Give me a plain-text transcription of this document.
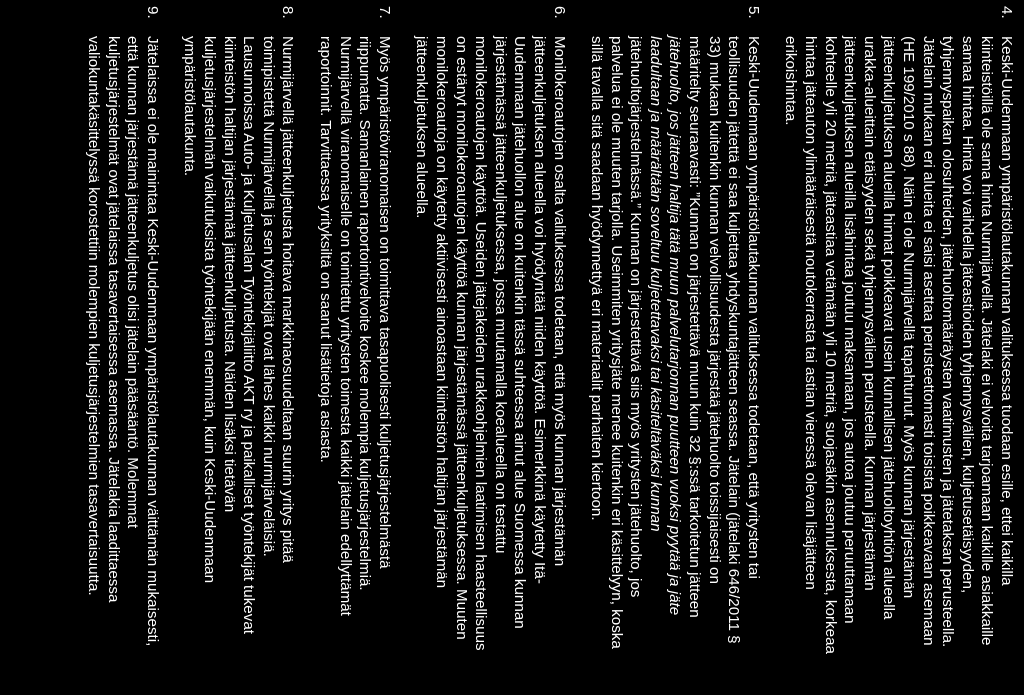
4.
Keski-Uudenmaan ympäristölautakunnan valituksessa tuodaan esille, ettei kaikilla
kiinteistöillä ole sama hinta Nurmijärvellä. Jätelaki ei velvoita tarjoamaan kaikille asiakkaille
samaa hintaa. Hinta voi vaihdella jäteastioiden tyhjennysvälien, kuljetusetäisyyden,
tyhjennyspaikan olosuhteiden, jätehuoltomääräysten vaatimusten ja jätetaksan perusteella.
Jätelain mukaan eri alueita ei saisi asettaa perusteettomasti toisista poikkeavaan asemaan
(HE 199/2010 s 88). Näin ei ole Nurmijärvellä tapahtunut. Myös kunnan järjestämän
jätteenkuljetuksen alueilla hinnat poikkeavat usein kunnallisen jätehuoltoyhtiön alueella
urakka-alueittain etäisyyden sekä tyhjennysvälien perusteella. Kunnan järjestämän
jätteenkuljetuksen alueilla lisähintaa joutuu maksamaan, jos autoa joutuu peruuttamaan
kohteelle yli 20 metriä, jäteastiaa vetämään yli 10 metriä, suojasäkin asennuksesta, korkeaa
hintaa jäteauton ylimääräisestä noutokerrasta tai astian vieressä olevan lisäjätteen
erikoishintaa.
5.
Keski-Uudenmaan ympäristölautakunnan valituksessa todetaan, että yritysten tai
teollisuuden jätettä ei saa kuljettaa yhdyskuntajätteen seassa. Jätelain (jätelaki 646/2011 §
33) mukaan kuitenkin kunnan velvollisuudesta järjestää jätehuolto toissijaisesti on
määritelty seuraavasti: ”Kunnan on järjestettävä muun kuin 32 §:ssä tarkoitetun jätteen
jätehuolto, jos jätteen haltija tätä muun palvelutarjonnan puutteen vuoksi pyytää ja jäte
laadultaan ja määrältään soveltuu kuljetettavaksi tai käsiteltäväksi kunnan
jätehuoltojärjestelmässä.” Kunnan on järjestettävä siis myös yritysten jätehuolto, jos
palvelua ei ole muuten tarjolla. Useimmiten yritysjäte menee kuitenkin eri käsittelyyn, koska
sillä tavalla sitä saadaan hyödynnettyä eri materiaalit parhaiten kiertoon.
6.
Monilokeroautojen osalta valituksessa todetaan, että myös kunnan järjestämän
jätteenkuljetuksen alueella voi hyödyntää niiden käyttöä. Esimerkkinä käytetty Itä-
Uudenmaan jätehuollon alue on kuitenkin tässä suhteessa ainut alue Suomessa kunnan
järjestämässä jätteenkuljetuksessa, jossa muutamalla koealueella on testattu
monilokeroautojen käyttöä. Useiden jätejakeiden urakkaohjelmien laatimisen haasteellisuus
on estänyt monilokeroautojen käyttöä kunnan järjestämässä jätteenkuljetuksessa. Muuten
monilokeroautoja on käytetty aktiivisesti ainoastaan kiinteistön haltijan järjestämän
jätteenkuljetuksen alueella.
7.
Myös ympäristöviranomaisen on toimittava tasapuolisesti kuljetusjärjestelmästä
riippumatta. Samanlainen raportointivelvoite koskee molempia kuljetusjärjestelmiä.
Nurmijärvellä viranomaiselle on toimitettu yritysten toimesta kaikki jätelain edellyttämät
raportoinnit. Tarvittaessa yrityksiltä on saanut lisätietoja asiasta.
8.
Nurmijärvellä jätteenkuljetusta hoitava markkinaosuudeltaan suurin yritys pitää
toimipistettä Nurmijärvellä ja sen työntekijät ovat lähes kaikki nurmijärveläisiä.
Lausunnoissa Auto- ja Kuljetusalan Työntekijäliitto AKT ry ja paikalliset työntekijät tukevat
kiinteistön haltijan järjestämää jätteenkuljetusta. Näiden lisäksi tietävän
kuljetusjärjestelmän vaikutuksista työntekijään enemmän, kuin Keski-Uudenmaan
ympäristölautakunta.
9.
Jätelaissa ei ole mainintaa Keski-Uudenmaan ympäristölautakunnan väittämän mukaisesti,
että kunnan järjestämä jätteenkuljetus olisi jätelain pääsääntö. Molemmat
kuljetusjärjestelmät ovat jätelaissa tasavertaisessa asemassa. Jätelakia laadittaessa
valiokuntakäsittelyssä korostettiin molempien kuljetusjärjestelmien tasavertaisuutta.
